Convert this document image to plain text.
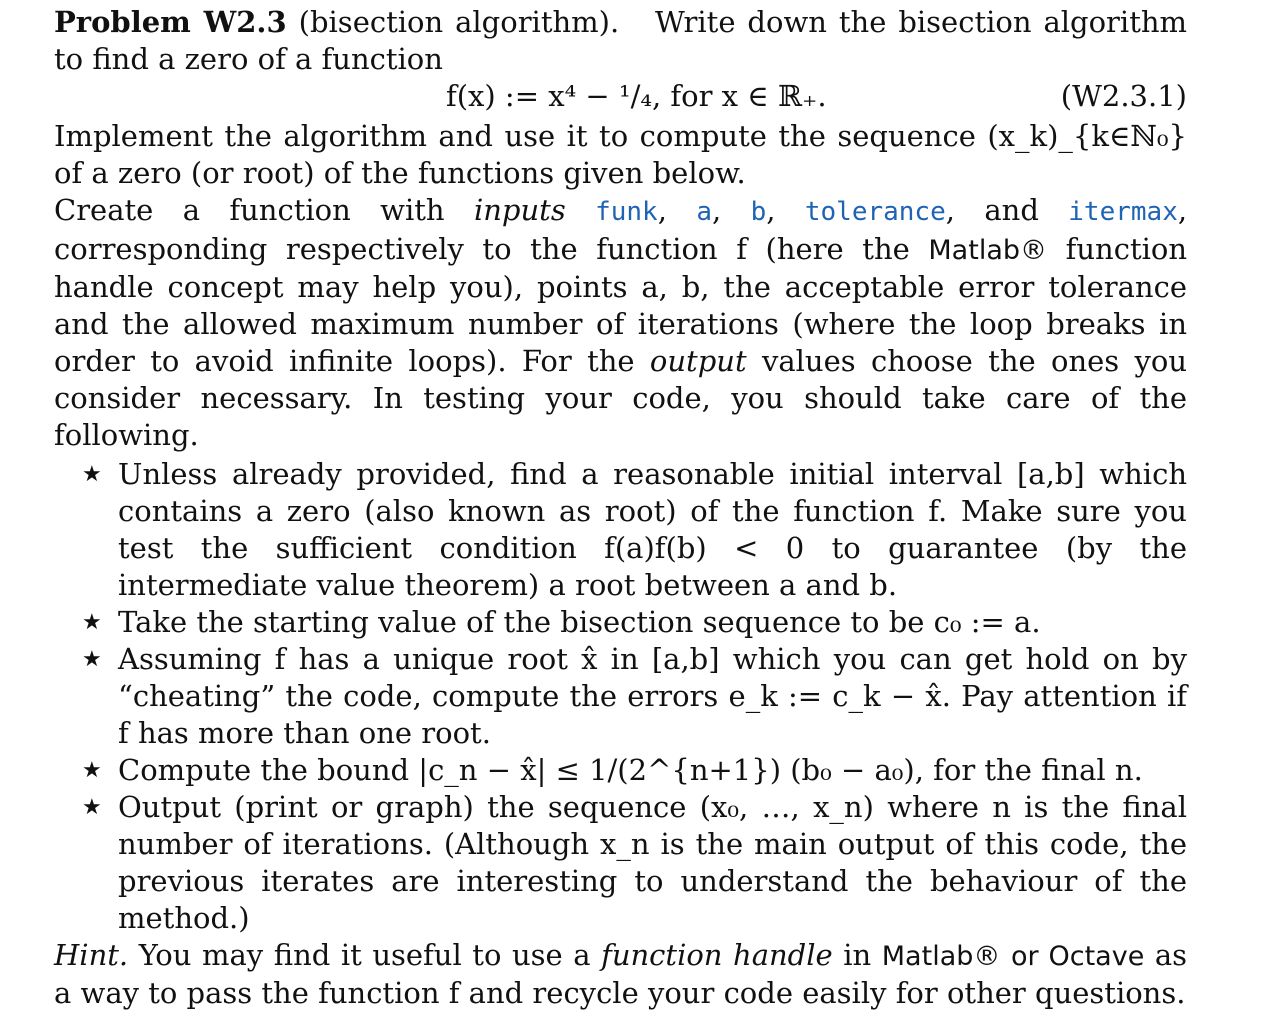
Problem W2.3 (bisection algorithm). Write down the bisection algorithm to find a zero of a function

f(x) := x⁴ − ¹/₄, for x ∈ ℝ₊.	(W2.3.1)

Implement the algorithm and use it to compute the sequence (x_k)_{k∈ℕ₀} of a zero (or root) of the functions given below.

Create a function with inputs funk, a, b, tolerance, and itermax, corresponding respectively to the function f (here the Matlab® function handle concept may help you), points a, b, the acceptable error tolerance and the allowed maximum number of iterations (where the loop breaks in order to avoid infinite loops). For the output values choose the ones you consider necessary. In testing your code, you should take care of the following.

★ Unless already provided, find a reasonable initial interval [a,b] which contains a zero (also known as root) of the function f. Make sure you test the sufficient condition f(a)f(b) < 0 to guarantee (by the intermediate value theorem) a root between a and b.
★ Take the starting value of the bisection sequence to be c₀ := a.
★ Assuming f has a unique root x̂ in [a,b] which you can get hold on by “cheating” the code, compute the errors e_k := c_k − x̂. Pay attention if f has more than one root.
★ Compute the bound |c_n − x̂| ≤ 1/(2^{n+1}) (b₀ − a₀), for the final n.
★ Output (print or graph) the sequence (x₀, …, x_n) where n is the final number of iterations. (Although x_n is the main output of this code, the previous iterates are interesting to understand the behaviour of the method.)

Hint. You may find it useful to use a function handle in Matlab® or Octave as a way to pass the function f and recycle your code easily for other questions.
